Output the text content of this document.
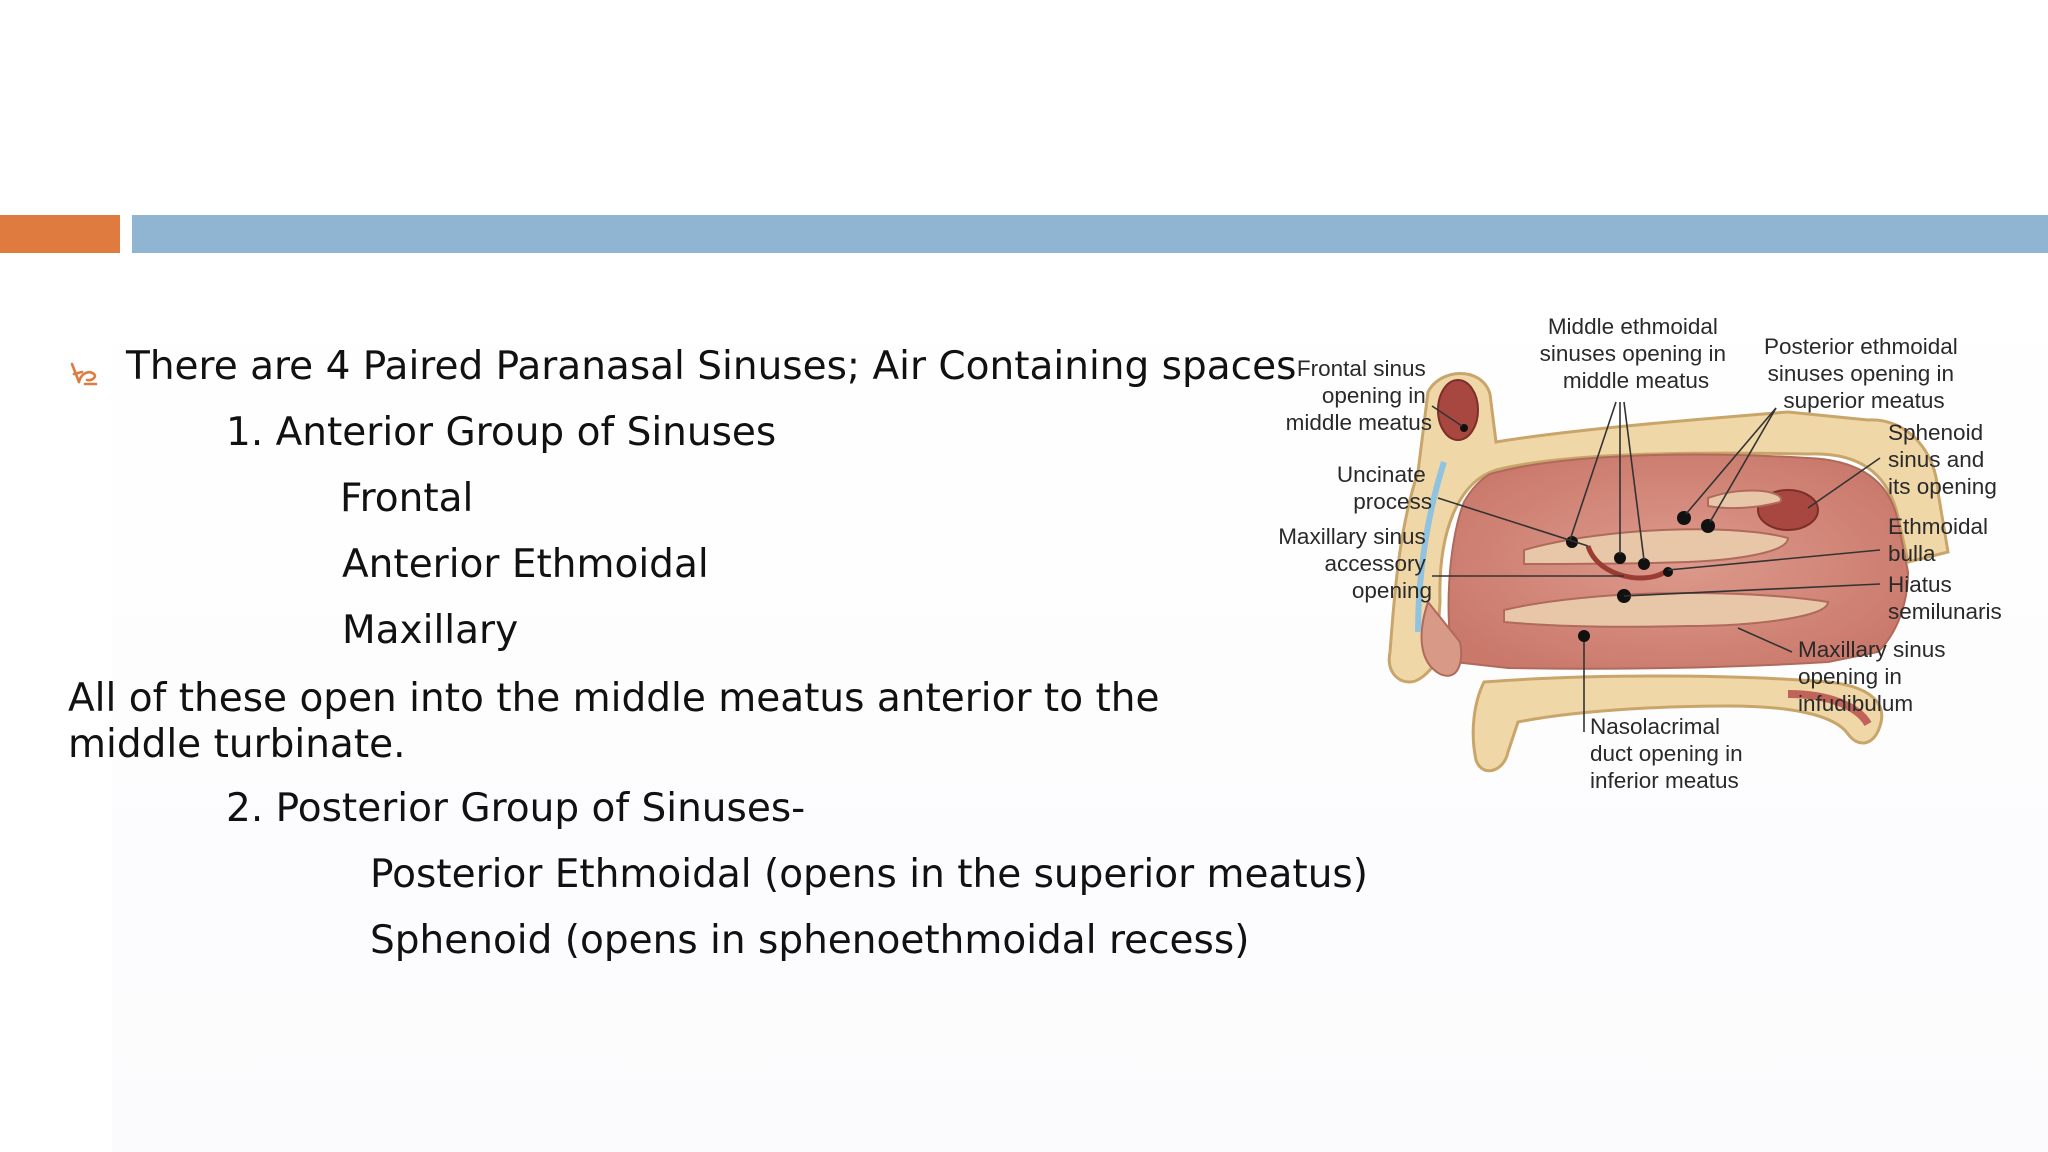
There are 4 Paired Paranasal Sinuses; Air Containing spaces
1. Anterior Group of Sinuses
Frontal
Anterior Ethmoidal
Maxillary
All of these open into the middle meatus anterior to the middle turbinate.
2. Posterior Group of Sinuses-
Posterior Ethmoidal (opens in the superior meatus)
Sphenoid (opens in sphenoethmoidal recess)
Frontal sinus opening in middle meatus
Middle ethmoidal sinuses opening in middle meatus
Posterior ethmoidal sinuses opening in superior meatus
Sphenoid sinus and its opening
Uncinate process
Maxillary sinus accessory opening
Ethmoidal bulla
Hiatus semilunaris
Maxillary sinus opening in infudibulum
Nasolacrimal duct opening in inferior meatus
